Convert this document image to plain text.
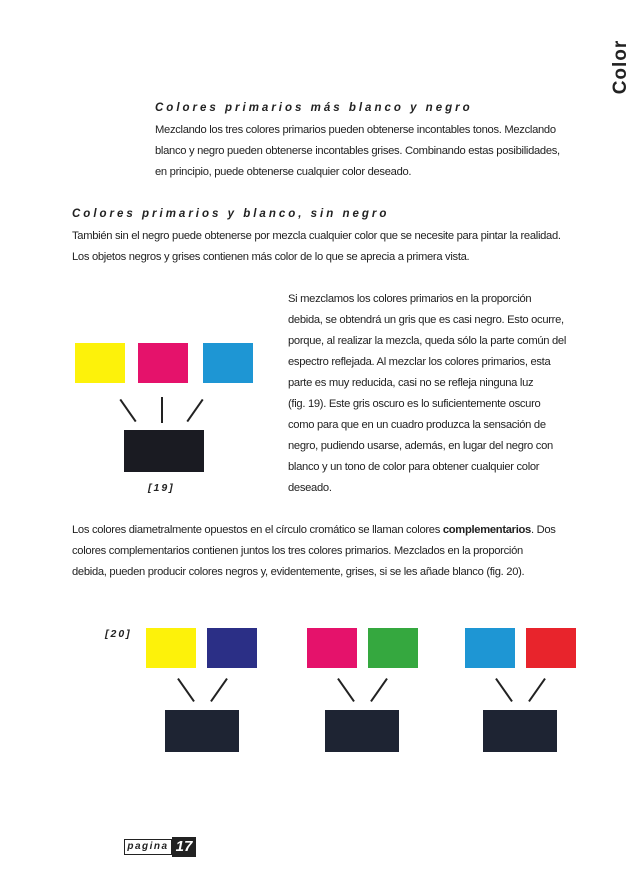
Color
Colores primarios más blanco y negro

Mezclando los tres colores primarios pueden obtenerse incontables tonos. Mezclando

blanco y negro pueden obtenerse incontables grises. Combinando estas posibilidades,

en principio, puede obtenerse cualquier color deseado.

Colores primarios y blanco, sin negro

También sin el negro puede obtenerse por mezcla cualquier color que se necesite para pintar la realidad.

Los objetos negros y grises contienen más color de lo que se aprecia a primera vista.

[19]

Si mezclamos los colores primarios en la proporción

debida, se obtendrá un gris que es casi negro. Esto ocurre,

porque, al realizar la mezcla, queda sólo la parte común del

espectro reflejada. Al mezclar los colores primarios, esta

parte es muy reducida, casi no se refleja ninguna luz

(fig. 19). Este gris oscuro es lo suficientemente oscuro

como para que en un cuadro produzca la sensación de

negro, pudiendo usarse, además, en lugar del negro con

blanco y un tono de color para obtener cualquier color

deseado.

Los colores diametralmente opuestos en el círculo cromático se llaman colores complementarios. Dos

colores complementarios contienen juntos los tres colores primarios. Mezclados en la proporción

debida, pueden producir colores negros y, evidentemente, grises, si se les añade blanco (fig. 20).

[20]
pagina 17
